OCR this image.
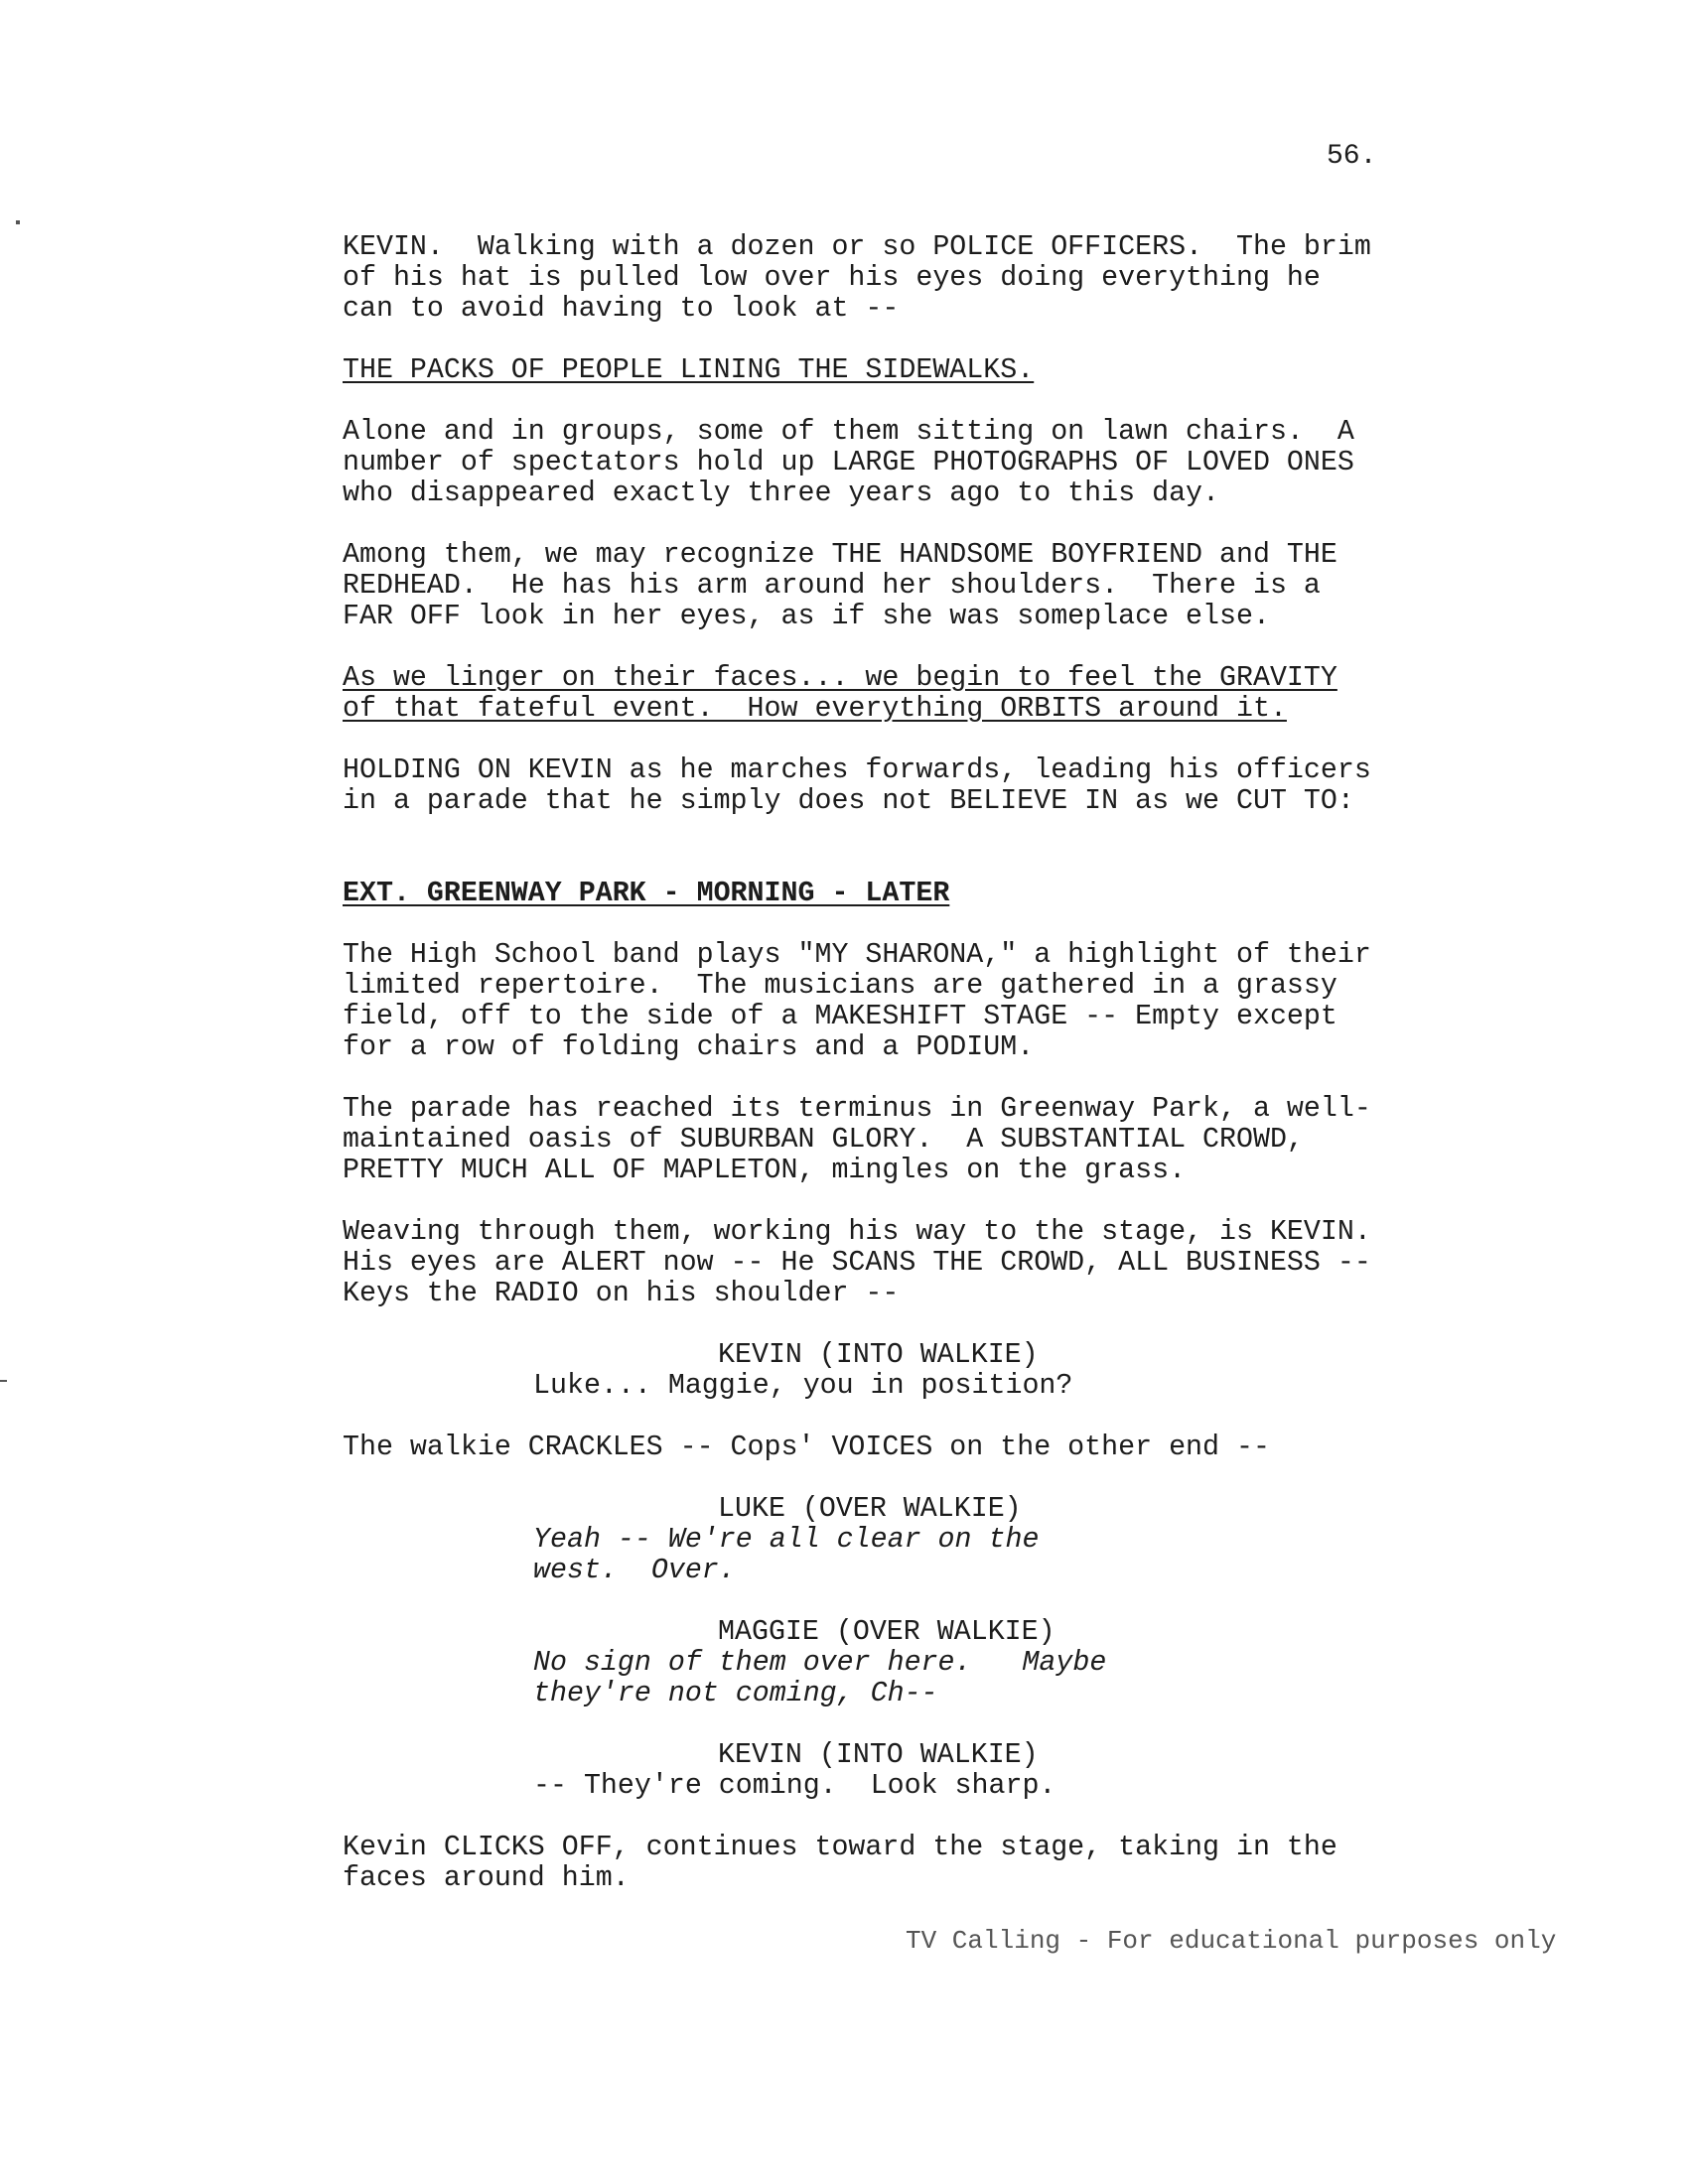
56.
KEVIN.  Walking with a dozen or so POLICE OFFICERS.  The brim
of his hat is pulled low over his eyes doing everything he
can to avoid having to look at --
THE PACKS OF PEOPLE LINING THE SIDEWALKS.
Alone and in groups, some of them sitting on lawn chairs.  A
number of spectators hold up LARGE PHOTOGRAPHS OF LOVED ONES
who disappeared exactly three years ago to this day.
Among them, we may recognize THE HANDSOME BOYFRIEND and THE
REDHEAD.  He has his arm around her shoulders.  There is a
FAR OFF look in her eyes, as if she was someplace else.
As we linger on their faces... we begin to feel the GRAVITY
of that fateful event.  How everything ORBITS around it.
HOLDING ON KEVIN as he marches forwards, leading his officers
in a parade that he simply does not BELIEVE IN as we CUT TO:
EXT. GREENWAY PARK - MORNING - LATER
The High School band plays "MY SHARONA," a highlight of their
limited repertoire.  The musicians are gathered in a grassy
field, off to the side of a MAKESHIFT STAGE -- Empty except
for a row of folding chairs and a PODIUM.
The parade has reached its terminus in Greenway Park, a well-
maintained oasis of SUBURBAN GLORY.  A SUBSTANTIAL CROWD,
PRETTY MUCH ALL OF MAPLETON, mingles on the grass.
Weaving through them, working his way to the stage, is KEVIN.
His eyes are ALERT now -- He SCANS THE CROWD, ALL BUSINESS --
Keys the RADIO on his shoulder --
KEVIN (INTO WALKIE)
Luke... Maggie, you in position?
The walkie CRACKLES -- Cops' VOICES on the other end --
LUKE (OVER WALKIE)
Yeah -- We're all clear on the
west.  Over.
MAGGIE (OVER WALKIE)
No sign of them over here.   Maybe
they're not coming, Ch--
KEVIN (INTO WALKIE)
-- They're coming.  Look sharp.
Kevin CLICKS OFF, continues toward the stage, taking in the
faces around him.
TV Calling - For educational purposes only
